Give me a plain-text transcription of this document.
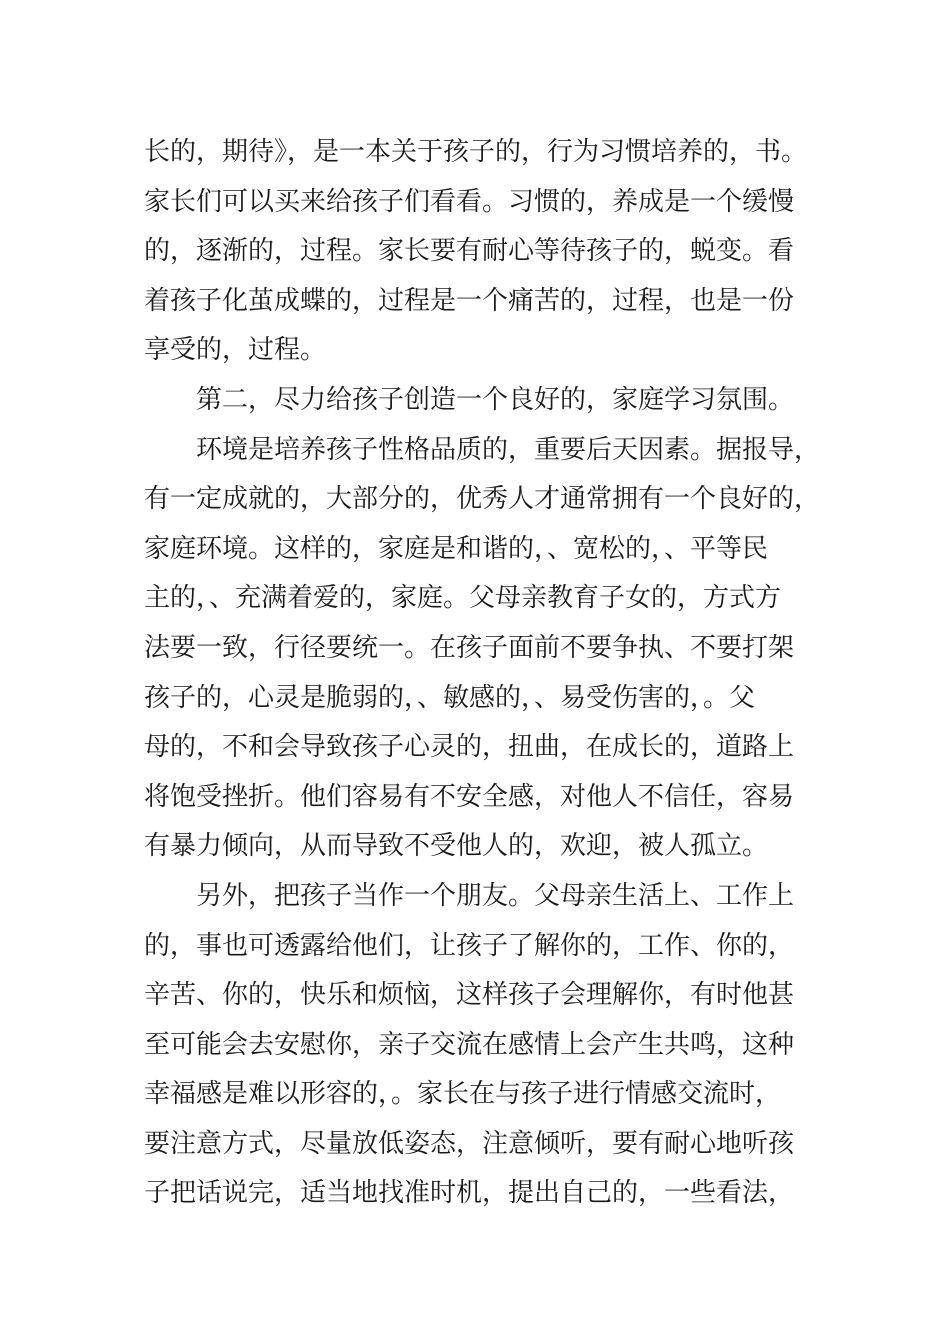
长的，期待》，是一本关于孩子的，行为习惯培养的，书。
家长们可以买来给孩子们看看。习惯的，养成是一个缓慢
的，逐渐的，过程。家长要有耐心等待孩子的，蜕变。看
着孩子化茧成蝶的，过程是一个痛苦的，过程，也是一份
享受的，过程。
第二，尽力给孩子创造一个良好的，家庭学习氛围。
环境是培养孩子性格品质的，重要后天因素。据报导，
有一定成就的，大部分的，优秀人才通常拥有一个良好的，
家庭环境。这样的，家庭是和谐的，、宽松的，、平等民
主的，、充满着爱的，家庭。父母亲教育子女的，方式方
法要一致，行径要统一。在孩子面前不要争执、不要打架
孩子的，心灵是脆弱的，、敏感的，、易受伤害的，。父
母的，不和会导致孩子心灵的，扭曲，在成长的，道路上
将饱受挫折。他们容易有不安全感，对他人不信任，容易
有暴力倾向，从而导致不受他人的，欢迎，被人孤立。
另外，把孩子当作一个朋友。父母亲生活上、工作上
的，事也可透露给他们，让孩子了解你的，工作、你的，
辛苦、你的，快乐和烦恼，这样孩子会理解你，有时他甚
至可能会去安慰你，亲子交流在感情上会产生共鸣，这种
幸福感是难以形容的，。家长在与孩子进行情感交流时，
要注意方式，尽量放低姿态，注意倾听，要有耐心地听孩
子把话说完，适当地找准时机，提出自己的，一些看法，
